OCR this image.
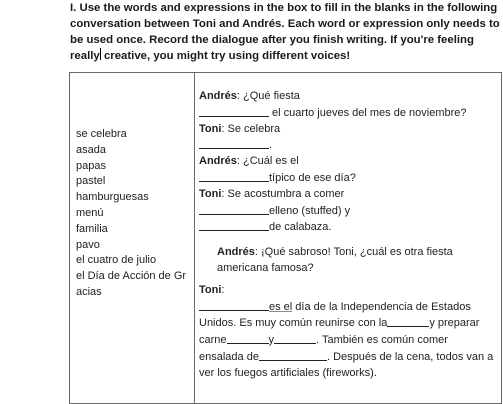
I. Use the words and expressions in the box to fill in the blanks in the following conversation between Toni and Andrés. Each word or expression only needs to be used once. Record the dialogue after you finish writing. If you're feeling really creative, you might try using different voices!

se celebra
asada
papas
pastel
hamburguesas
menú
familia
pavo
el cuatro de julio
el Día de Acción de Gracias

Andrés: ¿Qué fiesta

el cuarto jueves del mes de noviembre?

Toni: Se celebra

.

Andrés: ¿Cuál es el

típico de ese día?

Toni: Se acostumbra a comer

elleno (stuffed) y

de calabaza.

Andrés: ¡Qué sabroso! Toni, ¿cuál es otra fiesta americana famosa?

Toni:

es el día de la Independencia de Estados Unidos. Es muy común reunirse con la	y preparar carne	y	. También es común comer ensalada de	. Después de la cena, todos van a ver los fuegos artificiales (fireworks).
